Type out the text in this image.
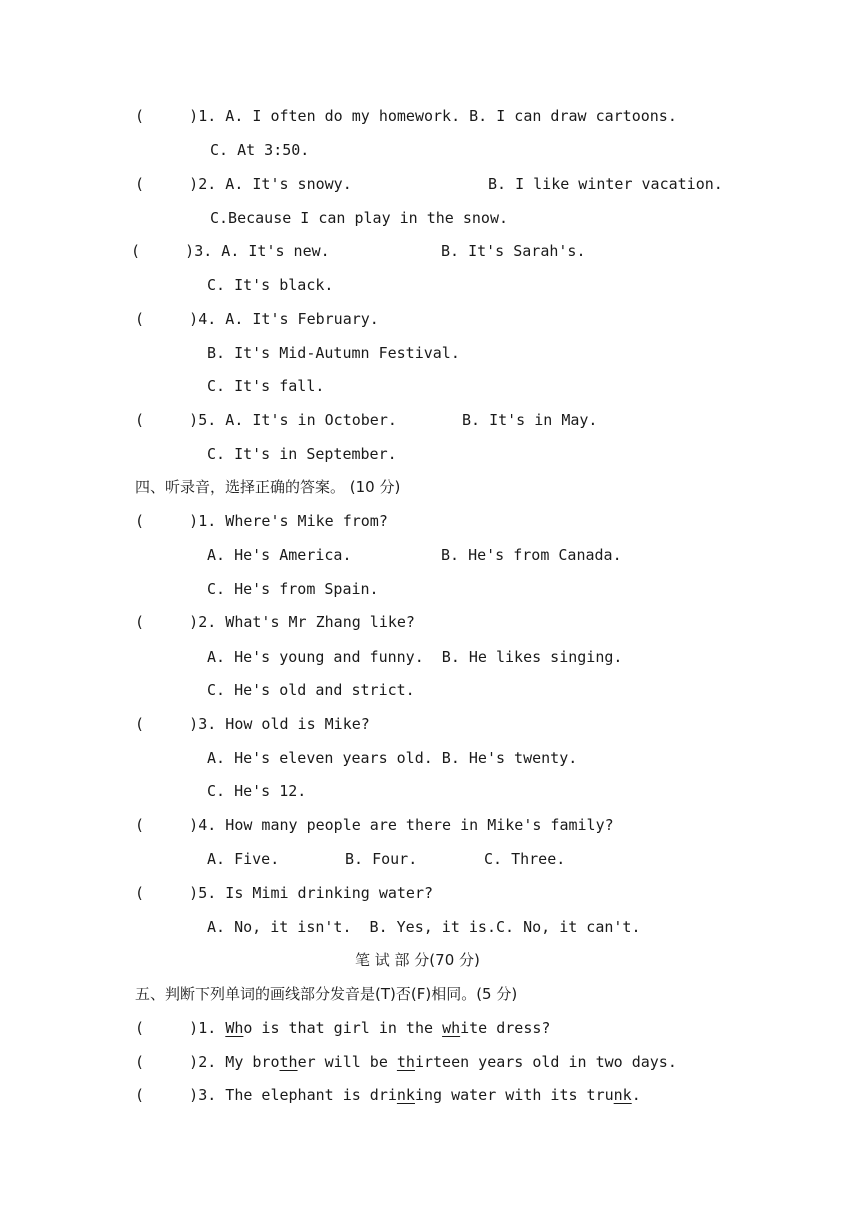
(     )1. A. I often do my homework. B. I can draw cartoons.
C. At 3:50.
(     )2. A. It's snowy.	B. I like winter vacation.
C.Because I can play in the snow.
(     )3. A. It's new.	B. It's Sarah's.
C. It's black.
(     )4. A. It's February.
B. It's Mid-Autumn Festival.
C. It's fall.
(     )5. A. It's in October.	B. It's in May.
C. It's in September.
四、听录音，选择正确的答案。 (10 分)
(     )1. Where's Mike from?
A. He's America.	B. He's from Canada.
C. He's from Spain.
(     )2. What's Mr Zhang like?
A. He's young and funny.  B. He likes singing.
C. He's old and strict.
(     )3. How old is Mike?
A. He's eleven years old. B. He's twenty.
C. He's 12.
(     )4. How many people are there in Mike's family?
A. Five.	B. Four.	C. Three.
(     )5. Is Mimi drinking water?
A. No, it isn't.  B. Yes, it is.C. No, it can't.
笔 试 部 分(70 分)
五、判断下列单词的画线部分发音是(T)否(F)相同。(5 分)
(     )1. Who is that girl in the white dress?
(     )2. My brother will be thirteen years old in two days.
(     )3. The elephant is drinking water with its trunk.
